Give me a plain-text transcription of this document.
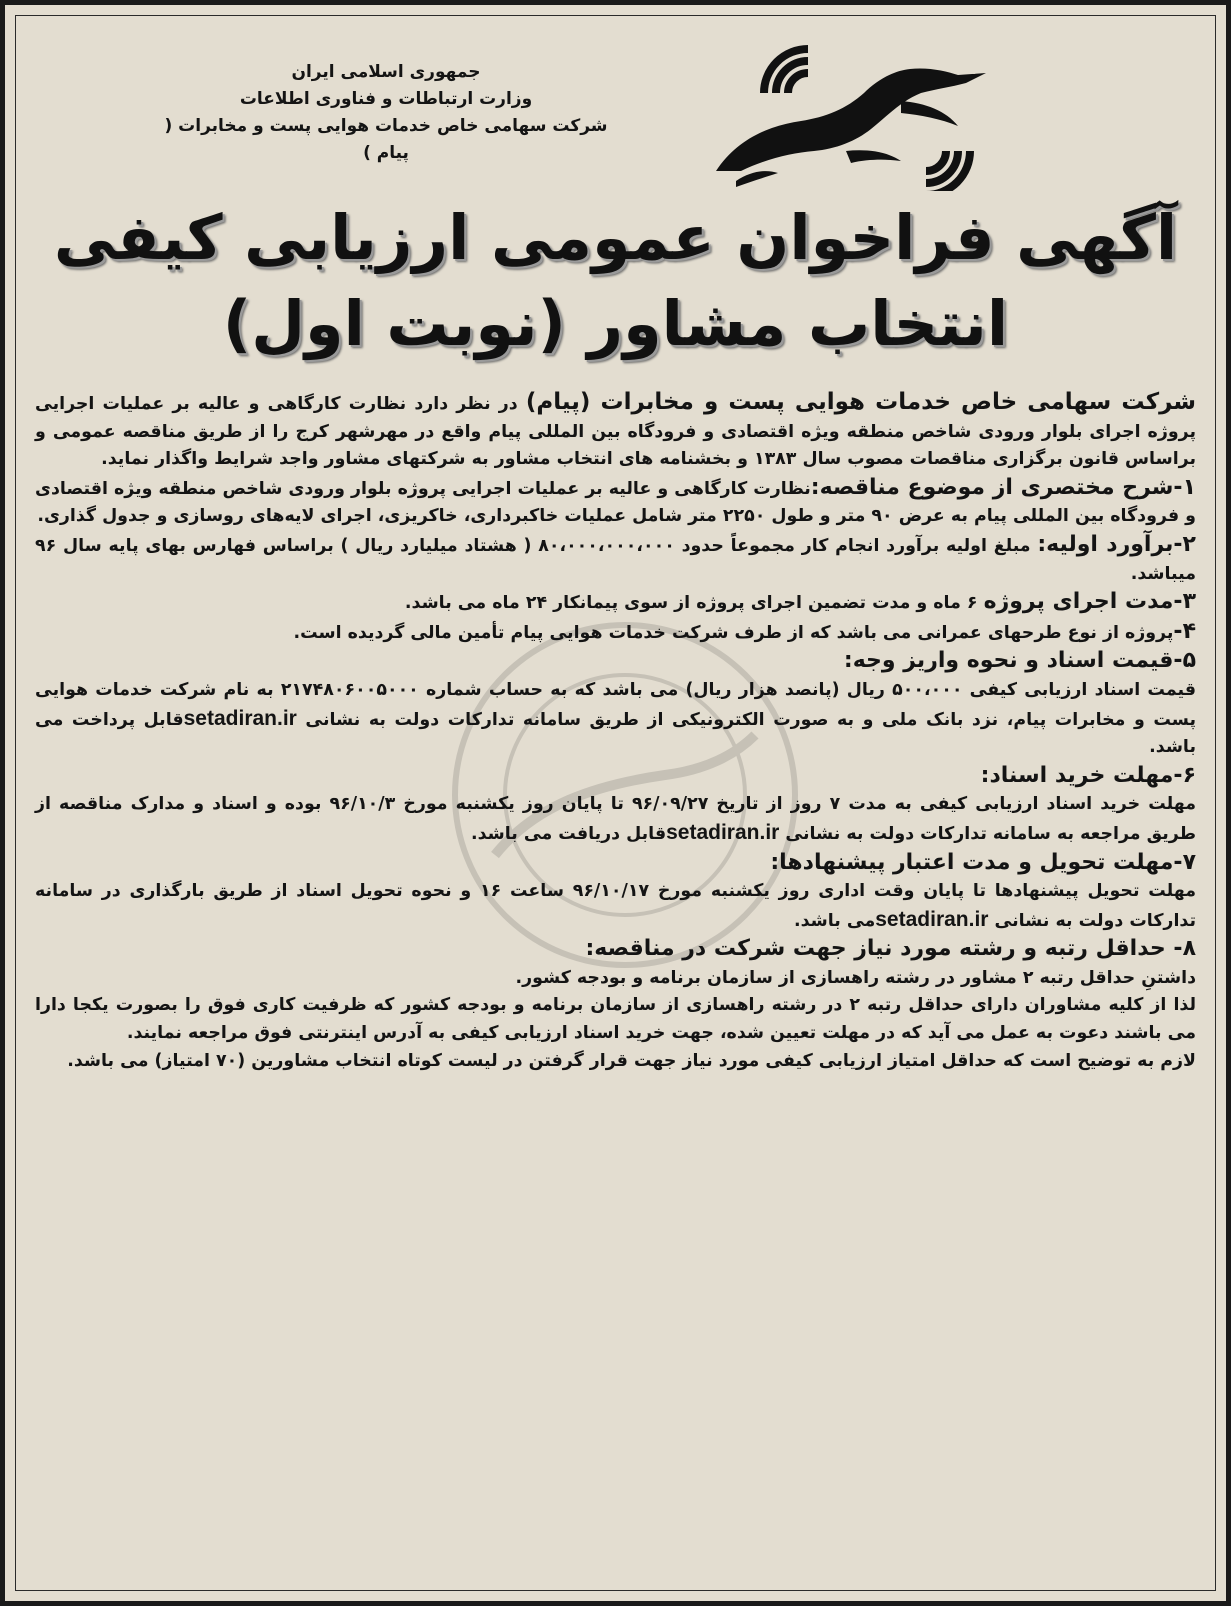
جمهوری اسلامی ایران
وزارت ارتباطات و فناوری اطلاعات
شرکت سهامی خاص خدمات هوایی پست و مخابرات ( پیام )
آگهی فراخوان عمومی ارزیابی کیفی
انتخاب مشاور (نوبت اول)

شرکت سهامی خاص خدمات هوایی پست و مخابرات (پیام) در نظر دارد نظارت کارگاهی و عالیه بر عملیات اجرایی پروژه اجرای بلوار ورودی شاخص منطقه ویژه اقتصادی و فرودگاه بین المللی پیام واقع در مهرشهر کرج را از طریق مناقصه عمومی و براساس قانون برگزاری مناقصات مصوب سال ۱۳۸۳ و بخشنامه های انتخاب مشاور به شرکتهای مشاور واجد شرایط واگذار نماید.

۱-شرح مختصری از موضوع مناقصه:نظارت کارگاهی و عالیه بر عملیات اجرایی پروژه بلوار ورودی شاخص منطقه ویژه اقتصادی و فرودگاه بین المللی پیام به عرض ۹۰ متر و طول ۲۲۵۰ متر شامل عملیات خاکبرداری، خاکریزی، اجرای لایه‌های روسازی و جدول گذاری.

۲-برآورد اولیه: مبلغ اولیه برآورد انجام کار مجموعاً حدود ۸۰،۰۰۰،۰۰۰،۰۰۰ ( هشتاد میلیارد ریال ) براساس فهارس بهای پایه سال ۹۶ میباشد.

۳-مدت اجرای پروژه ۶ ماه و مدت تضمین اجرای پروژه از سوی پیمانکار ۲۴ ماه می باشد.

۴-پروژه از نوع طرحهای عمرانی می باشد که از طرف شرکت خدمات هوایی پیام تأمین مالی گردیده است.

۵-قیمت اسناد و نحوه واریز وجه:

قیمت اسناد ارزیابی کیفی ۵۰۰،۰۰۰ ریال (پانصد هزار ریال) می باشد که به حساب شماره ۲۱۷۴۸۰۶۰۰۵۰۰۰ به نام شرکت خدمات هوایی پست و مخابرات پیام، نزد بانک ملی و به صورت الکترونیکی از طریق سامانه تدارکات دولت به نشانی setadiran.irقابل پرداخت می باشد.

۶-مهلت خرید اسناد:

مهلت خرید اسناد ارزیابی کیفی به مدت ۷ روز از تاریخ ۹۶/۰۹/۲۷ تا پایان روز یکشنبه مورخ ۹۶/۱۰/۳ بوده و اسناد و مدارک مناقصه از طریق مراجعه به سامانه تدارکات دولت به نشانی setadiran.irقابل دریافت می باشد.

۷-مهلت تحویل و مدت اعتبار پیشنهادها:

مهلت تحویل پیشنهادها تا پایان وقت اداری روز یکشنبه مورخ ۹۶/۱۰/۱۷ ساعت ۱۶ و نحوه تحویل اسناد از طریق بارگذاری در سامانه تدارکات دولت به نشانی setadiran.irمی باشد.

۸- حداقل رتبه و رشته مورد نیاز جهت شرکت در مناقصه:

داشتنِ حداقل رتبه ۲ مشاور در رشته راهسازی از سازمان برنامه و بودجه کشور.

لذا از کلیه مشاوران دارای حداقل رتبه ۲ در رشته راهسازی از سازمان برنامه و بودجه کشور که ظرفیت کاری فوق را بصورت یکجا دارا می باشند دعوت به عمل می آید که در مهلت تعیین شده، جهت خرید اسناد ارزیابی کیفی به آدرس اینترنتی فوق مراجعه نمایند.

لازم به توضیح است که حداقل امتیاز ارزیابی کیفی مورد نیاز جهت قرار گرفتن در لیست کوتاه انتخاب مشاورین (۷۰ امتیاز) می باشد.
